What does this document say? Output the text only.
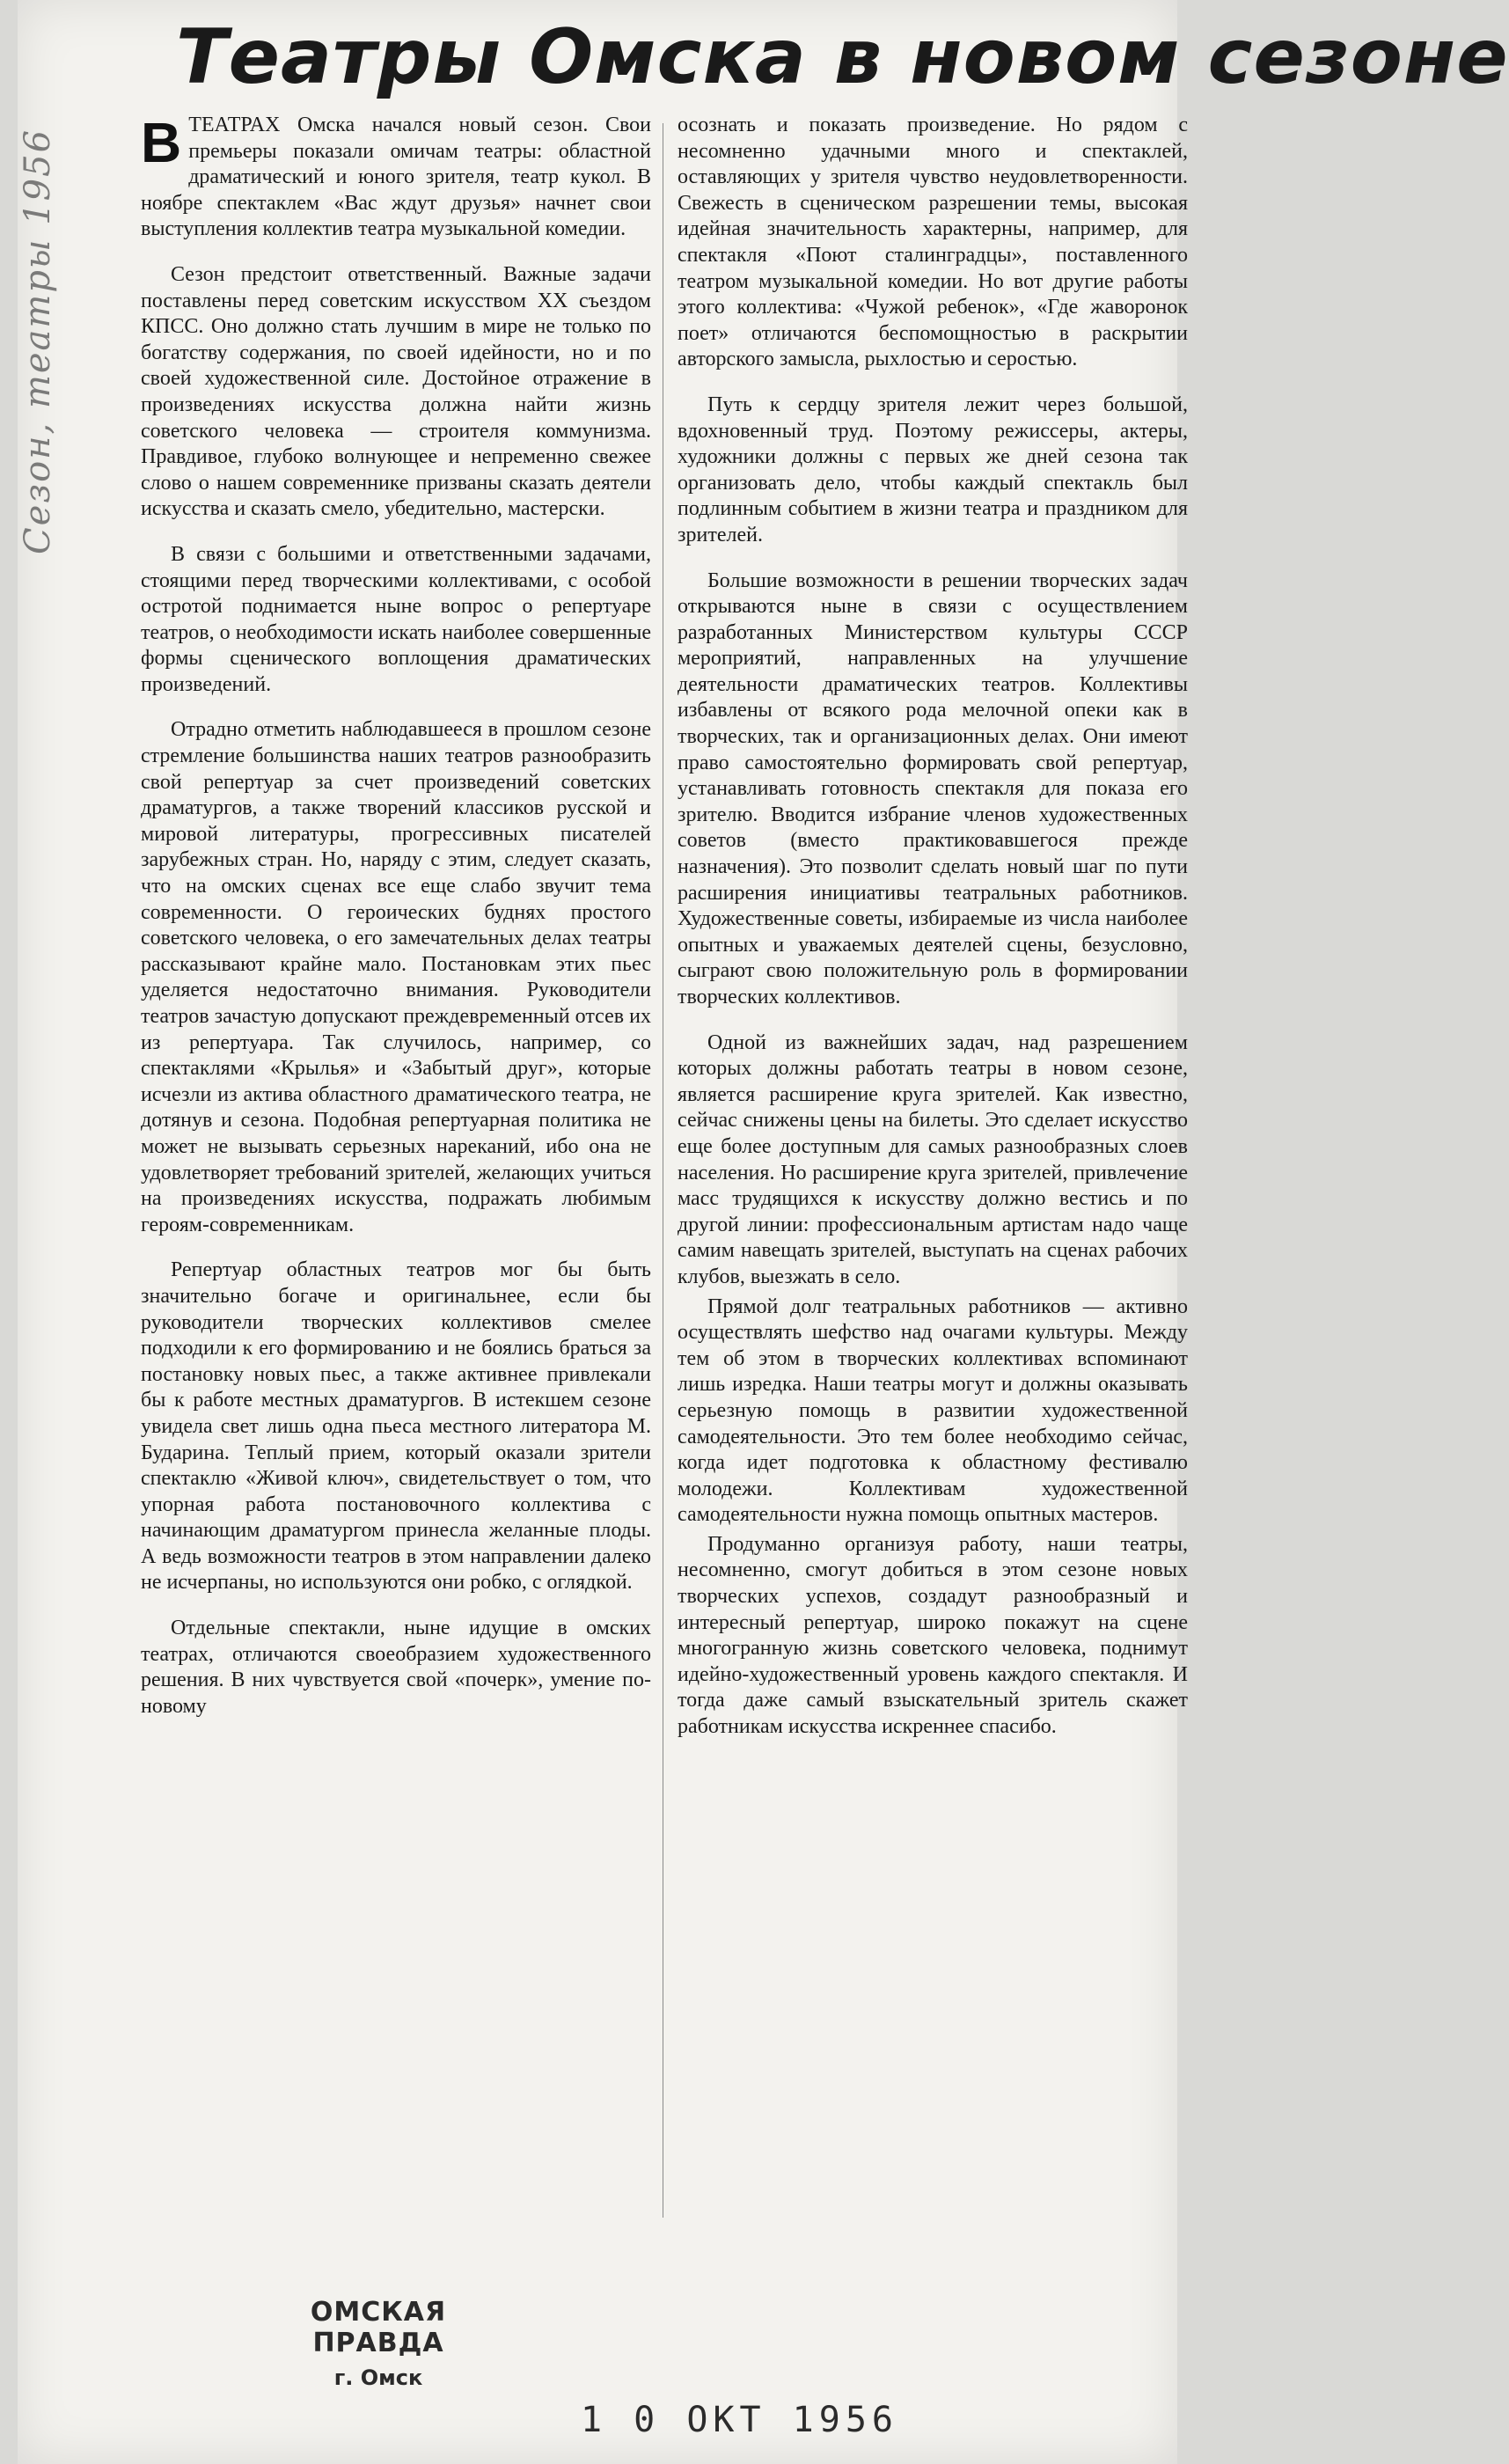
Сезон, театры 1956
Театры Омска в новом сезоне

ВТЕАТРАХ Омска начался новый сезон. Свои премьеры показали омичам театры: областной драматический и юного зрителя, театр кукол. В ноябре спектаклем «Вас ждут друзья» начнет свои выступления коллектив театра музыкальной комедии.

Сезон предстоит ответственный. Важные задачи поставлены перед советским искусством XX съездом КПСС. Оно должно стать лучшим в мире не только по богатству содержания, по своей идейности, но и по своей художественной силе. Достойное отражение в произведениях искусства должна найти жизнь советского человека — строителя коммунизма. Правдивое, глубоко волнующее и непременно свежее слово о нашем современнике призваны сказать деятели искусства и сказать смело, убедительно, мастерски.

В связи с большими и ответственными задачами, стоящими перед творческими коллективами, с особой остротой поднимается ныне вопрос о репертуаре театров, о необходимости искать наиболее совершенные формы сценического воплощения драматических произведений.

Отрадно отметить наблюдавшееся в прошлом сезоне стремление большинства наших театров разнообразить свой репертуар за счет произведений советских драматургов, а также творений классиков русской и мировой литературы, прогрессивных писателей зарубежных стран. Но, наряду с этим, следует сказать, что на омских сценах все еще слабо звучит тема современности. О героических буднях простого советского человека, о его замечательных делах театры рассказывают крайне мало. Постановкам этих пьес уделяется недостаточно внимания. Руководители театров зачастую допускают преждевременный отсев их из репертуара. Так случилось, например, со спектаклями «Крылья» и «Забытый друг», которые исчезли из актива областного драматического театра, не дотянув и сезона. Подобная репертуарная политика не может не вызывать серьезных нареканий, ибо она не удовлетворяет требований зрителей, желающих учиться на произведениях искусства, подражать любимым героям-современникам.

Репертуар областных театров мог бы быть значительно богаче и оригинальнее, если бы руководители творческих коллективов смелее подходили к его формированию и не боялись браться за постановку новых пьес, а также активнее привлекали бы к работе местных драматургов. В истекшем сезоне увидела свет лишь одна пьеса местного литератора М. Бударина. Теплый прием, который оказали зрители спектаклю «Живой ключ», свидетельствует о том, что упорная работа постановочного коллектива с начинающим драматургом принесла желанные плоды. А ведь возможности театров в этом направлении далеко не исчерпаны, но используются они робко, с оглядкой.

Отдельные спектакли, ныне идущие в омских театрах, отличаются своеобразием художественного решения. В них чувствуется свой «почерк», умение по-новому

осознать и показать произведение. Но рядом с несомненно удачными много и спектаклей, оставляющих у зрителя чувство неудовлетворенности. Свежесть в сценическом разрешении темы, высокая идейная значительность характерны, например, для спектакля «Поют сталинградцы», поставленного театром музыкальной комедии. Но вот другие работы этого коллектива: «Чужой ребенок», «Где жаворонок поет» отличаются беспомощностью в раскрытии авторского замысла, рыхлостью и серостью.

Путь к сердцу зрителя лежит через большой, вдохновенный труд. Поэтому режиссеры, актеры, художники должны с первых же дней сезона так организовать дело, чтобы каждый спектакль был подлинным событием в жизни театра и праздником для зрителей.

Большие возможности в решении творческих задач открываются ныне в связи с осуществлением разработанных Министерством культуры СССР мероприятий, направленных на улучшение деятельности драматических театров. Коллективы избавлены от всякого рода мелочной опеки как в творческих, так и организационных делах. Они имеют право самостоятельно формировать свой репертуар, устанавливать готовность спектакля для показа его зрителю. Вводится избрание членов художественных советов (вместо практиковавшегося прежде назначения). Это позволит сделать новый шаг по пути расширения инициативы театральных работников. Художественные советы, избираемые из числа наиболее опытных и уважаемых деятелей сцены, безусловно, сыграют свою положительную роль в формировании творческих коллективов.

Одной из важнейших задач, над разрешением которых должны работать театры в новом сезоне, является расширение круга зрителей. Как известно, сейчас снижены цены на билеты. Это сделает искусство еще более доступным для самых разнообразных слоев населения. Но расширение круга зрителей, привлечение масс трудящихся к искусству должно вестись и по другой линии: профессиональным артистам надо чаще самим навещать зрителей, выступать на сценах рабочих клубов, выезжать в село.

Прямой долг театральных работников — активно осуществлять шефство над очагами культуры. Между тем об этом в творческих коллективах вспоминают лишь изредка. Наши театры могут и должны оказывать серьезную помощь в развитии художественной самодеятельности. Это тем более необходимо сейчас, когда идет подготовка к областному фестивалю молодежи. Коллективам художественной самодеятельности нужна помощь опытных мастеров.

Продуманно организуя работу, наши театры, несомненно, смогут добиться в этом сезоне новых творческих успехов, создадут разнообразный и интересный репертуар, широко покажут на сцене многогранную жизнь советского человека, поднимут идейно-художественный уровень каждого спектакля. И тогда даже самый взыскательный зритель скажет работникам искусства искреннее спасибо.

ОМСКАЯ ПРАВДА
г. Омск
1 0 ОКТ 1956
